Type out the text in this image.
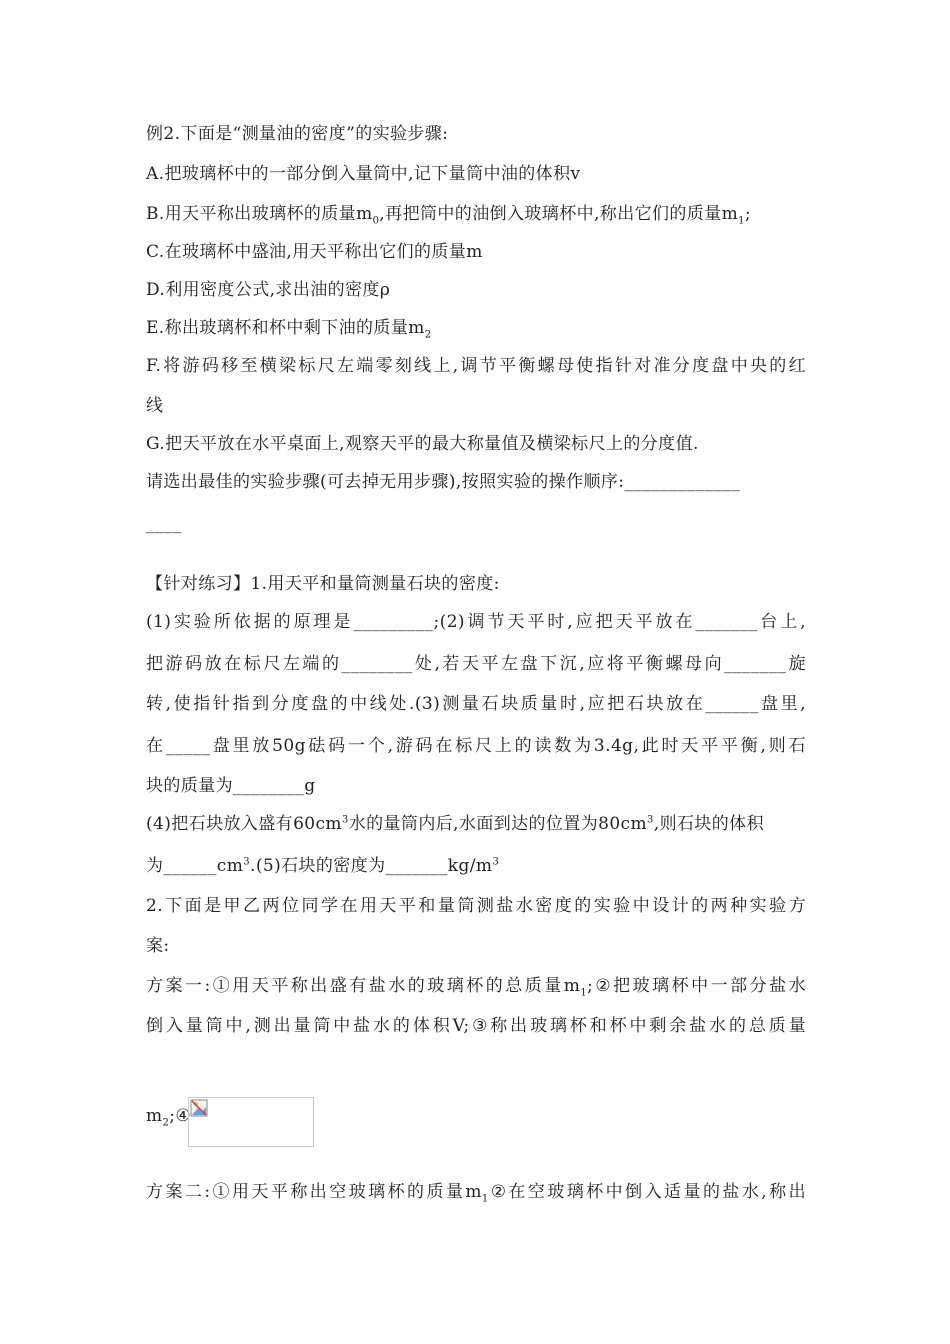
例2.下面是“测量油的密度”的实验步骤:
A.把玻璃杯中的一部分倒入量筒中,记下量筒中油的体积v
B.用天平称出玻璃杯的质量$m_0$,再把筒中的油倒入玻璃杯中,称出它们的质量$m_1$;
C.在玻璃杯中盛油,用天平称出它们的质量m
D.利用密度公式,求出油的密度ρ
E.称出玻璃杯和杯中剩下油的质量$m_2$
F.将游码移至横梁标尺左端零刻线上,调节平衡螺母使指针对准分度盘中央的红
线
G.把天平放在水平桌面上,观察天平的最大称量值及横梁标尺上的分度值.
请选出最佳的实验步骤(可去掉无用步骤),按照实验的操作顺序:_____________
____
【针对练习】1.用天平和量筒测量石块的密度:
(1)实验所依据的原理是_________;(2)调节天平时,应把天平放在_______台上,
把游码放在标尺左端的________处,若天平左盘下沉,应将平衡螺母向_______旋
转,使指针指到分度盘的中线处.(3)测量石块质量时,应把石块放在______盘里,
在_____盘里放50g砝码一个,游码在标尺上的读数为3.4g,此时天平平衡,则石
块的质量为________g
(4)把石块放入盛有$60cm^3$水的量筒内后,水面到达的位置为$80cm^3$,则石块的体积
为$\_\_\_\_\_\_cm^3.(5)$石块的密度为$\_\_\_\_\_\_\_kg/m^3$
2.下面是甲乙两位同学在用天平和量筒测盐水密度的实验中设计的两种实验方
案:
方案一:①用天平称出盛有盐水的玻璃杯的总质量$m_1;②$把玻璃杯中一部分盐水
倒入量筒中,测出量筒中盐水的体积V;③称出玻璃杯和杯中剩余盐水的总质量
$m_2;④$
方案二:①用天平称出空玻璃杯的质量$m_1②$在空玻璃杯中倒入适量的盐水,称出
